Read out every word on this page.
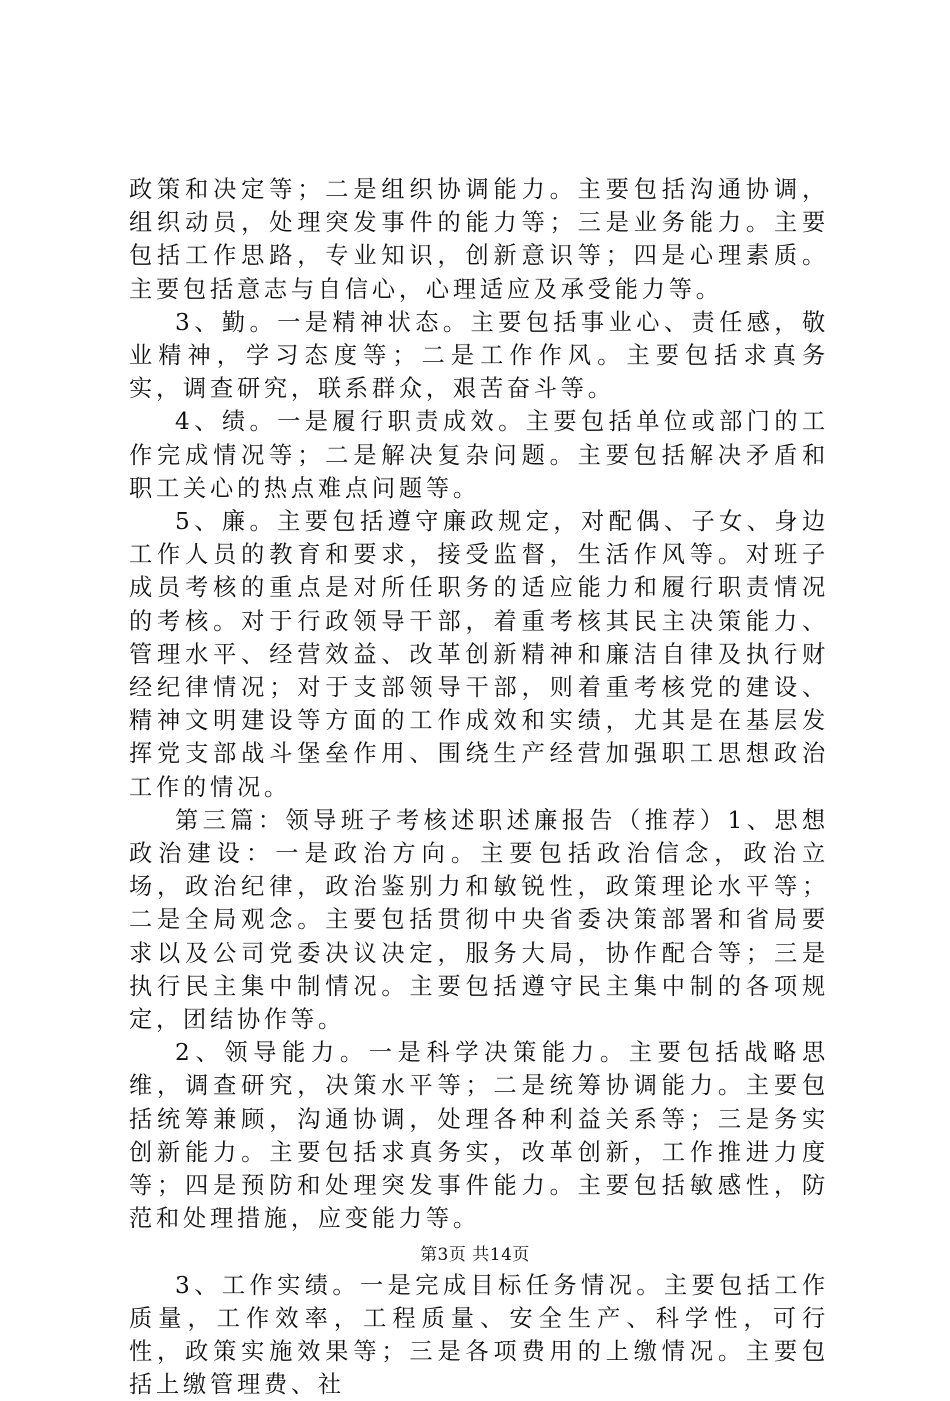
政策和决定等；二是组织协调能力。主要包括沟通协调，组织动员，处理突发事件的能力等；三是业务能力。主要包括工作思路，专业知识，创新意识等；四是心理素质。主要包括意志与自信心，心理适应及承受能力等。

3、勤。一是精神状态。主要包括事业心、责任感，敬业精神，学习态度等；二是工作作风。主要包括求真务实，调查研究，联系群众，艰苦奋斗等。

4、绩。一是履行职责成效。主要包括单位或部门的工作完成情况等；二是解决复杂问题。主要包括解决矛盾和职工关心的热点难点问题等。

5、廉。主要包括遵守廉政规定，对配偶、子女、身边工作人员的教育和要求，接受监督，生活作风等。对班子成员考核的重点是对所任职务的适应能力和履行职责情况的考核。对于行政领导干部，着重考核其民主决策能力、管理水平、经营效益、改革创新精神和廉洁自律及执行财经纪律情况；对于支部领导干部，则着重考核党的建设、精神文明建设等方面的工作成效和实绩，尤其是在基层发挥党支部战斗堡垒作用、围绕生产经营加强职工思想政治工作的情况。

第三篇：领导班子考核述职述廉报告（推荐）1、思想政治建设：一是政治方向。主要包括政治信念，政治立场，政治纪律，政治鉴别力和敏锐性，政策理论水平等；二是全局观念。主要包括贯彻中央省委决策部署和省局要求以及公司党委决议决定，服务大局，协作配合等；三是执行民主集中制情况。主要包括遵守民主集中制的各项规定，团结协作等。

2、领导能力。一是科学决策能力。主要包括战略思维，调查研究，决策水平等；二是统筹协调能力。主要包括统筹兼顾，沟通协调，处理各种利益关系等；三是务实创新能力。主要包括求真务实，改革创新，工作推进力度等；四是预防和处理突发事件能力。主要包括敏感性，防范和处理措施，应变能力等。

3、工作实绩。一是完成目标任务情况。主要包括工作质量，工作效率，工程质量、安全生产、科学性，可行性，政策实施效果等；三是各项费用的上缴情况。主要包括上缴管理费、社

第3页 共14页
